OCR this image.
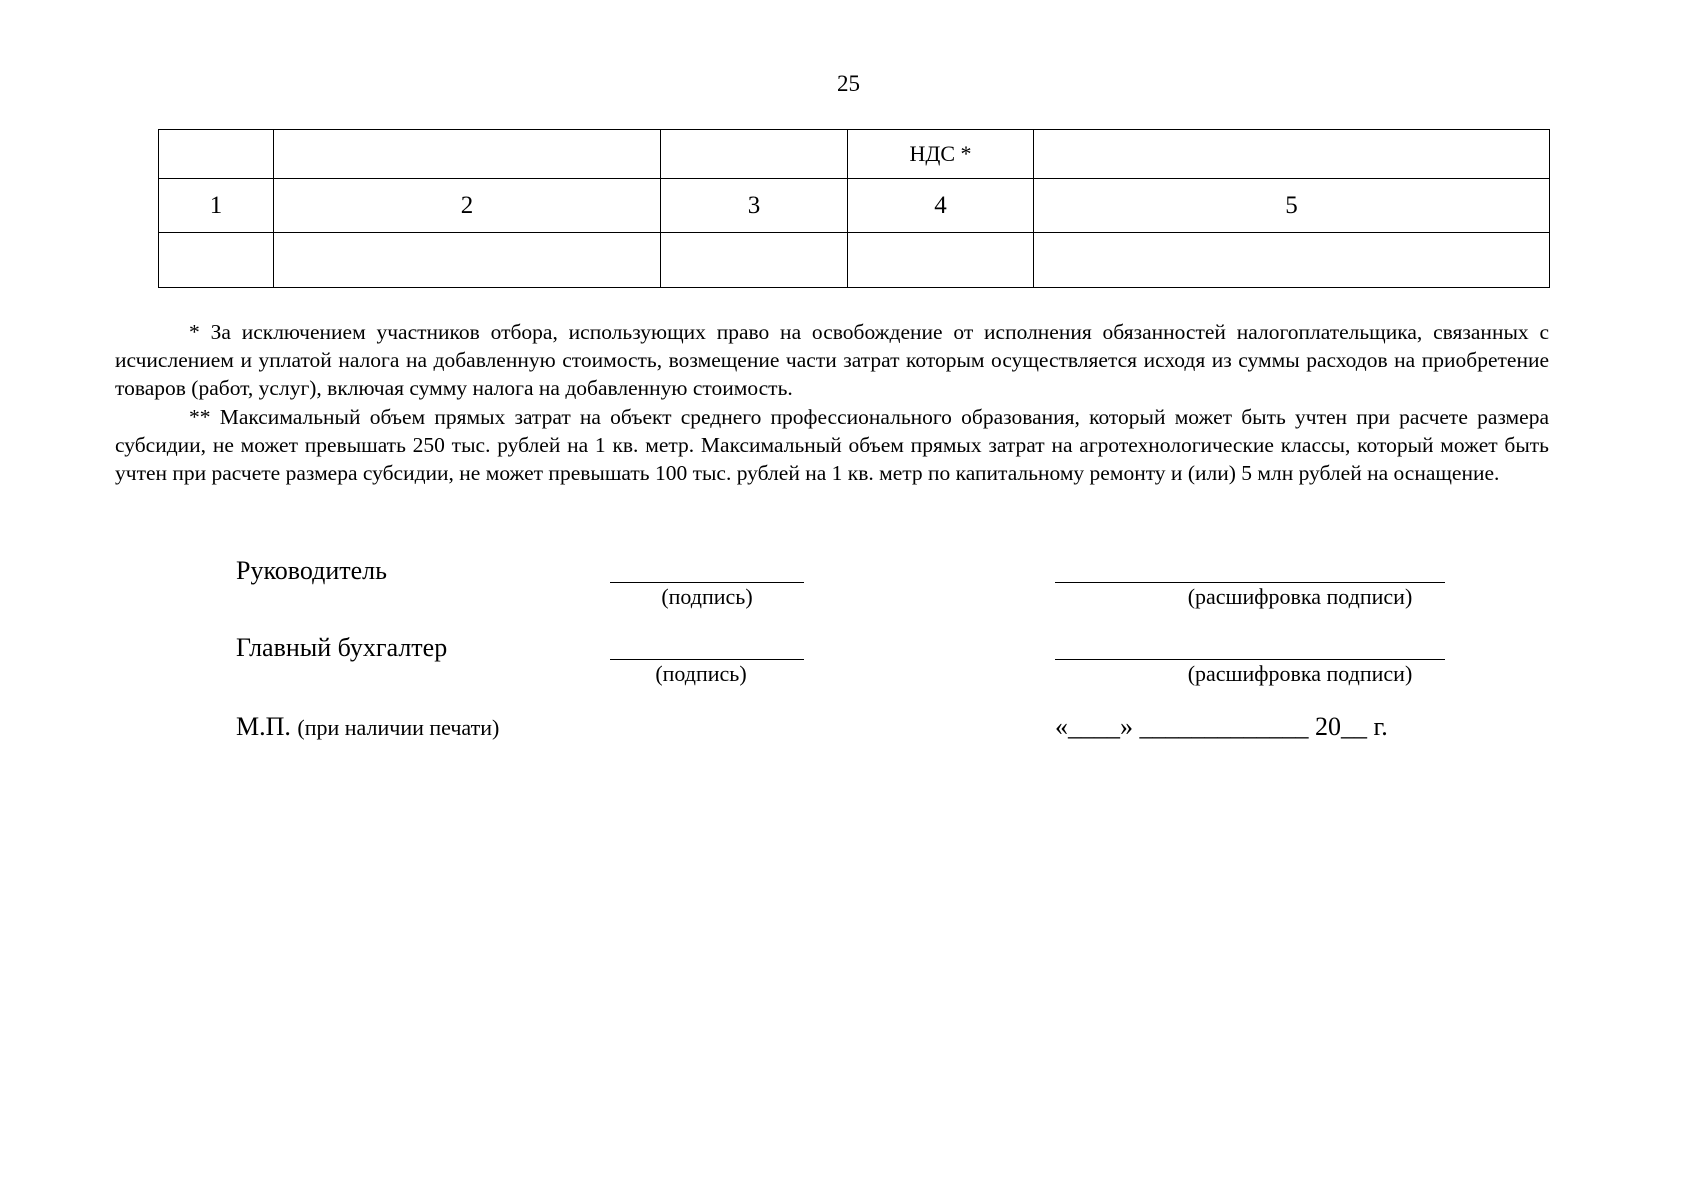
25
			НДС *	
1	2	3	4	5

* За исключением участников отбора, использующих право на освобождение от исполнения обязанностей налогоплательщика, связанных с исчислением и уплатой налога на добавленную стоимость, возмещение части затрат которым осуществляется исходя из суммы расходов на приобретение товаров (работ, услуг), включая сумму налога на добавленную стоимость.

** Максимальный объем прямых затрат на объект среднего профессионального образования, который может быть учтен при расчете размера субсидии, не может превышать 250 тыс. рублей на 1 кв. метр. Максимальный объем прямых затрат на агротехнологические классы, который может быть учтен при расчете размера субсидии, не может превышать 100 тыс. рублей на 1 кв. метр по капитальному ремонту и (или) 5 млн рублей на оснащение.

Руководитель
(подпись)	(расшифровка подписи)
Главный бухгалтер
(подпись)	(расшифровка подписи)
М.П. (при наличии печати)	«____» _____________ 20__ г.
